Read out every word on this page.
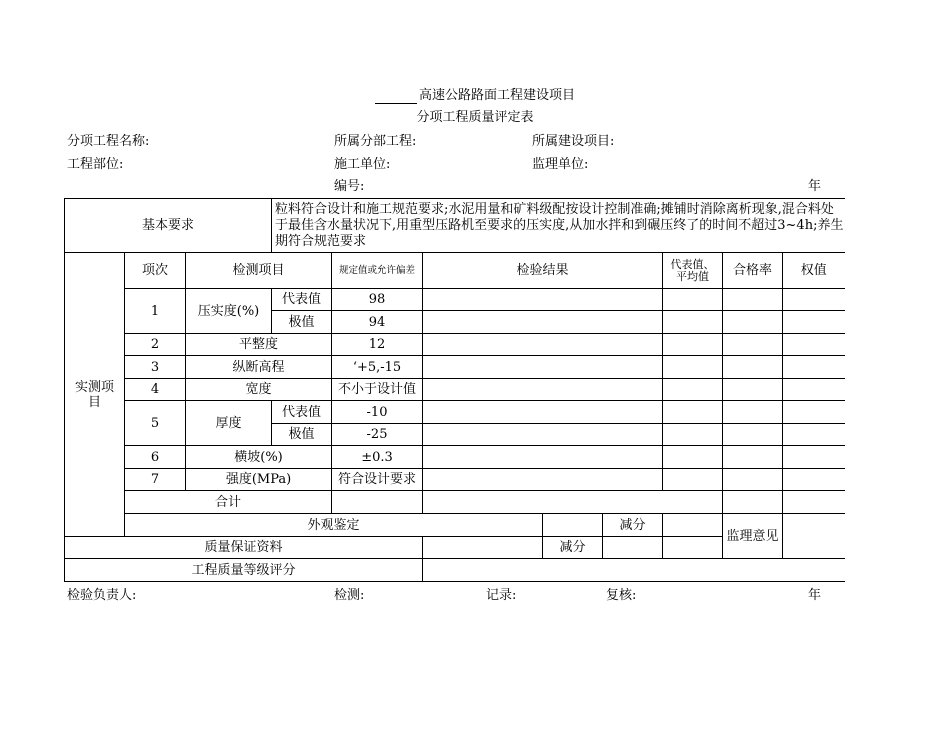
高速公路路面工程建设项目
分项工程质量评定表
分项工程名称:	所属分部工程:	所属建设项目:
工程部位:	施工单位:	监理单位:
编号:	年
基本要求			粒料符合设计和施工规范要求;水泥用量和矿料级配按设计控制准确;摊铺时消除离析现象,混合料处于最佳含水量状况下,用重型压路机至要求的压实度,从加水拌和到碾压终了的时间不超过3~4h;养生期符合规范要求							
实测项目	项次	检测项目		规定值或允许偏差	检验结果			代表值、平均值	合格率	权值
	1	压实度(%)	代表值	98						
			极值	94						
	2	平整度		12						
	3	纵断高程		‘+5,-15						
	4	宽度		不小于设计值						
	5	厚度	代表值	-10						
			极值	-25						
	6	横坡(%)		±0.3						
	7	强度(MPa)		符合设计要求						
	合计									
	外观鉴定						减分		监理意见	
质量保证资料						减分				
工程质量等级评分										
检验负责人:	检测:	记录:	复核:	年
